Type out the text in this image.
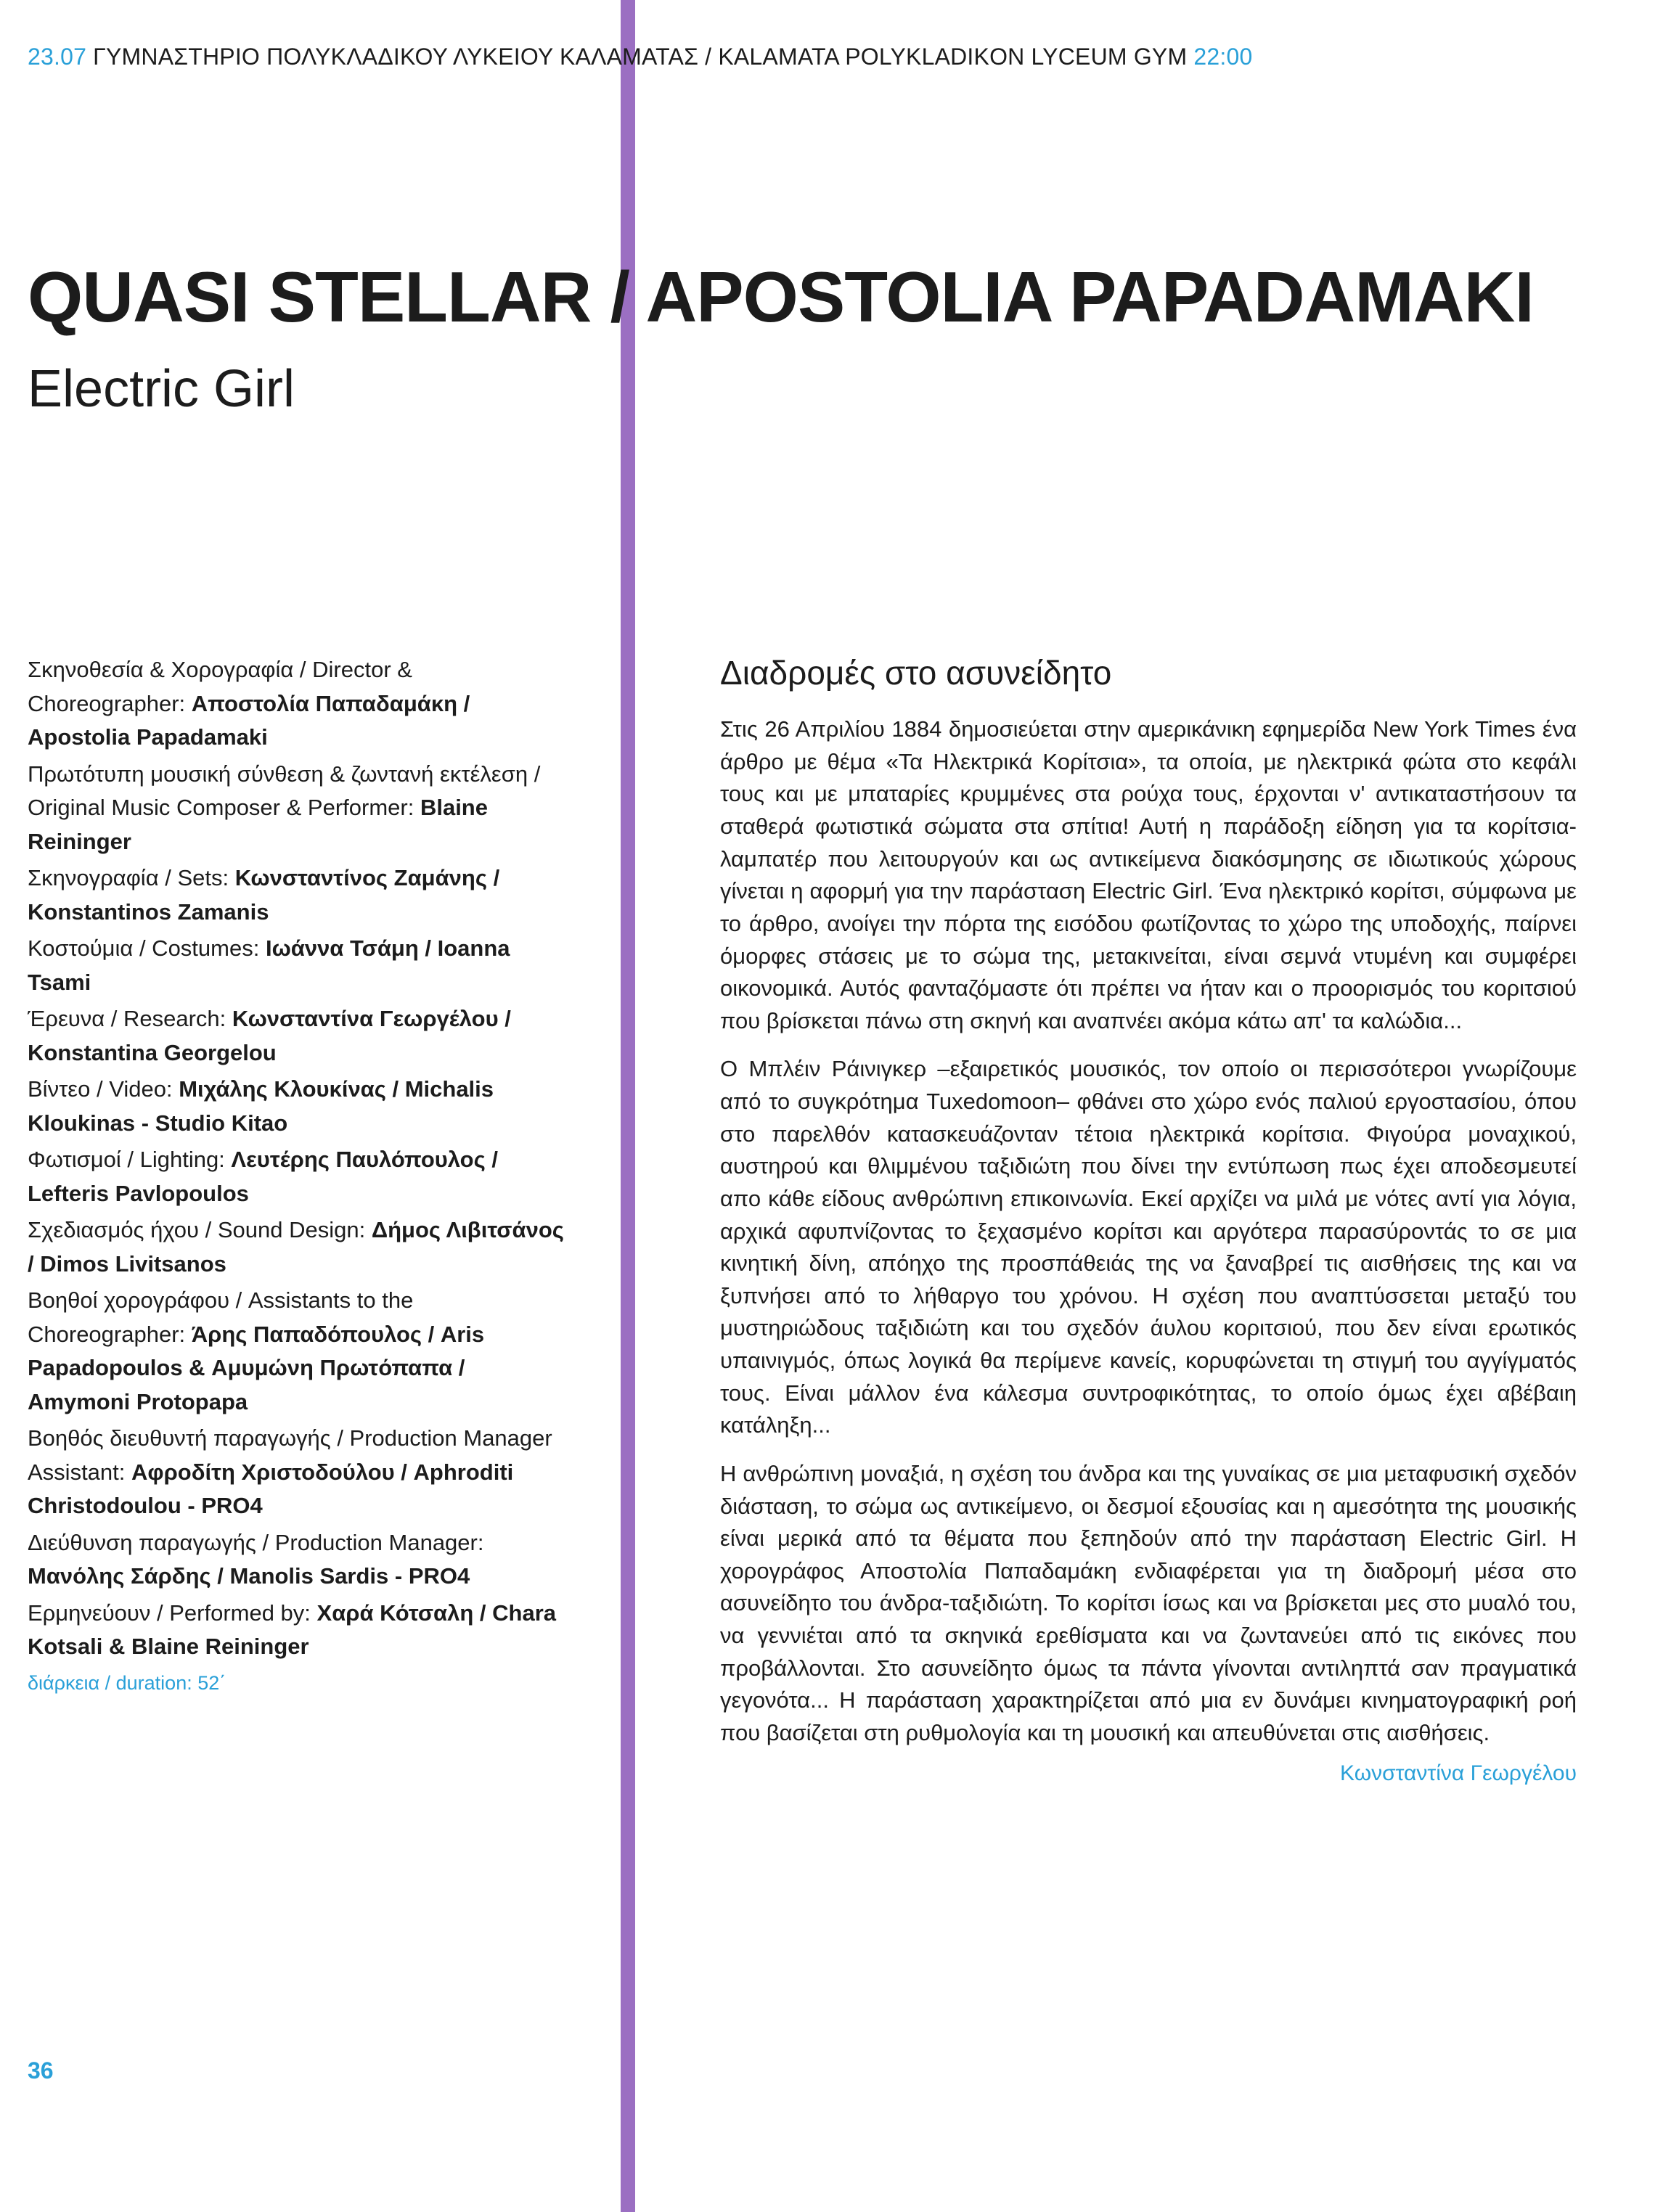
23.07 ΓΥΜΝΑΣΤΗΡΙΟ ΠΟΛΥΚΛΑΔΙΚΟΥ ΛΥΚΕΙΟΥ ΚΑΛΑΜΑΤΑΣ / KALAMATA POLYKLADIKON LYCEUM GYM 22:00
QUASI STELLAR / APOSTOLIA PAPADAMAKI
Electric Girl
Σκηνοθεσία & Χορογραφία / Director & Choreographer: Αποστολία Παπαδαμάκη / Apostolia Papadamaki
Πρωτότυπη μουσική σύνθεση & ζωντανή εκτέλεση / Original Music Composer & Performer: Blaine Reininger
Σκηνογραφία / Sets: Κωνσταντίνος Ζαμάνης / Konstantinos Zamanis
Κοστούμια / Costumes: Ιωάννα Τσάμη / Ioanna Tsami
Έρευνα / Research: Κωνσταντίνα Γεωργέλου / Konstantina Georgelou
Βίντεο / Video: Μιχάλης Κλουκίνας / Michalis Kloukinas - Studio Kitao
Φωτισμοί / Lighting: Λευτέρης Παυλόπουλος / Lefteris Pavlopoulos
Σχεδιασμός ήχου / Sound Design: Δήμος Λιβιτσάνος / Dimos Livitsanos
Βοηθοί χορογράφου / Assistants to the Choreographer: Άρης Παπαδόπουλος / Aris Papadopoulos & Αμυμώνη Πρωτόπαπα / Amymoni Protopapa
Βοηθός διευθυντή παραγωγής / Production Manager Assistant: Αφροδίτη Χριστοδούλου / Aphroditi Christodoulou - PRO4
Διεύθυνση παραγωγής / Production Manager: Μανόλης Σάρδης / Manolis Sardis - PRO4
Ερμηνεύουν / Performed by: Χαρά Κότσαλη / Chara Kotsali & Blaine Reininger
διάρκεια / duration: 52΄
Διαδρομές στο ασυνείδητο

Στις 26 Απριλίου 1884 δημοσιεύεται στην αμερικάνικη εφημερίδα New York Times ένα άρθρο με θέμα «Τα Ηλεκτρικά Κορίτσια», τα οποία, με ηλεκτρικά φώτα στο κεφάλι τους και με μπαταρίες κρυμμένες στα ρούχα τους, έρχονται ν' αντικαταστήσουν τα σταθερά φωτιστικά σώματα στα σπίτια! Αυτή η παράδοξη είδηση για τα κορίτσια-λαμπατέρ που λειτουργούν και ως αντικείμενα διακόσμησης σε ιδιωτικούς χώρους γίνεται η αφορμή για την παράσταση Electric Girl. Ένα ηλεκτρικό κορίτσι, σύμφωνα με το άρθρο, ανοίγει την πόρτα της εισόδου φωτίζοντας το χώρο της υποδοχής, παίρνει όμορφες στάσεις με το σώμα της, μετακινείται, είναι σεμνά ντυμένη και συμφέρει οικονομικά. Αυτός φανταζόμαστε ότι πρέπει να ήταν και ο προορισμός του κοριτσιού που βρίσκεται πάνω στη σκηνή και αναπνέει ακόμα κάτω απ' τα καλώδια...

Ο Μπλέιν Ράινιγκερ –εξαιρετικός μουσικός, τον οποίο οι περισσότεροι γνωρίζουμε από το συγκρότημα Tuxedomoon– φθάνει στο χώρο ενός παλιού εργοστασίου, όπου στο παρελθόν κατασκευάζονταν τέτοια ηλεκτρικά κορίτσια. Φιγούρα μοναχικού, αυστηρού και θλιμμένου ταξιδιώτη που δίνει την εντύπωση πως έχει αποδεσμευτεί απο κάθε είδους ανθρώπινη επικοινωνία. Εκεί αρχίζει να μιλά με νότες αντί για λόγια, αρχικά αφυπνίζοντας το ξεχασμένο κορίτσι και αργότερα παρασύροντάς το σε μια κινητική δίνη, απόηχο της προσπάθειάς της να ξαναβρεί τις αισθήσεις της και να ξυπνήσει από το λήθαργο του χρόνου. Η σχέση που αναπτύσσεται μεταξύ του μυστηριώδους ταξιδιώτη και του σχεδόν άυλου κοριτσιού, που δεν είναι ερωτικός υπαινιγμός, όπως λογικά θα περίμενε κανείς, κορυφώνεται τη στιγμή του αγγίγματός τους. Είναι μάλλον ένα κάλεσμα συντροφικότητας, το οποίο όμως έχει αβέβαιη κατάληξη...

Η ανθρώπινη μοναξιά, η σχέση του άνδρα και της γυναίκας σε μια μεταφυσική σχεδόν διάσταση, το σώμα ως αντικείμενο, οι δεσμοί εξουσίας και η αμεσότητα της μουσικής είναι μερικά από τα θέματα που ξεπηδούν από την παράσταση Electric Girl. Η χορογράφος Αποστολία Παπαδαμάκη ενδιαφέρεται για τη διαδρομή μέσα στο ασυνείδητο του άνδρα-ταξιδιώτη. Το κορίτσι ίσως και να βρίσκεται μες στο μυαλό του, να γεννιέται από τα σκηνικά ερεθίσματα και να ζωντανεύει από τις εικόνες που προβάλλονται. Στο ασυνείδητο όμως τα πάντα γίνονται αντιληπτά σαν πραγματικά γεγονότα... Η παράσταση χαρακτηρίζεται από μια εν δυνάμει κινηματογραφική ροή που βασίζεται στη ρυθμολογία και τη μουσική και απευθύνεται στις αισθήσεις.

Κωνσταντίνα Γεωργέλου
36
